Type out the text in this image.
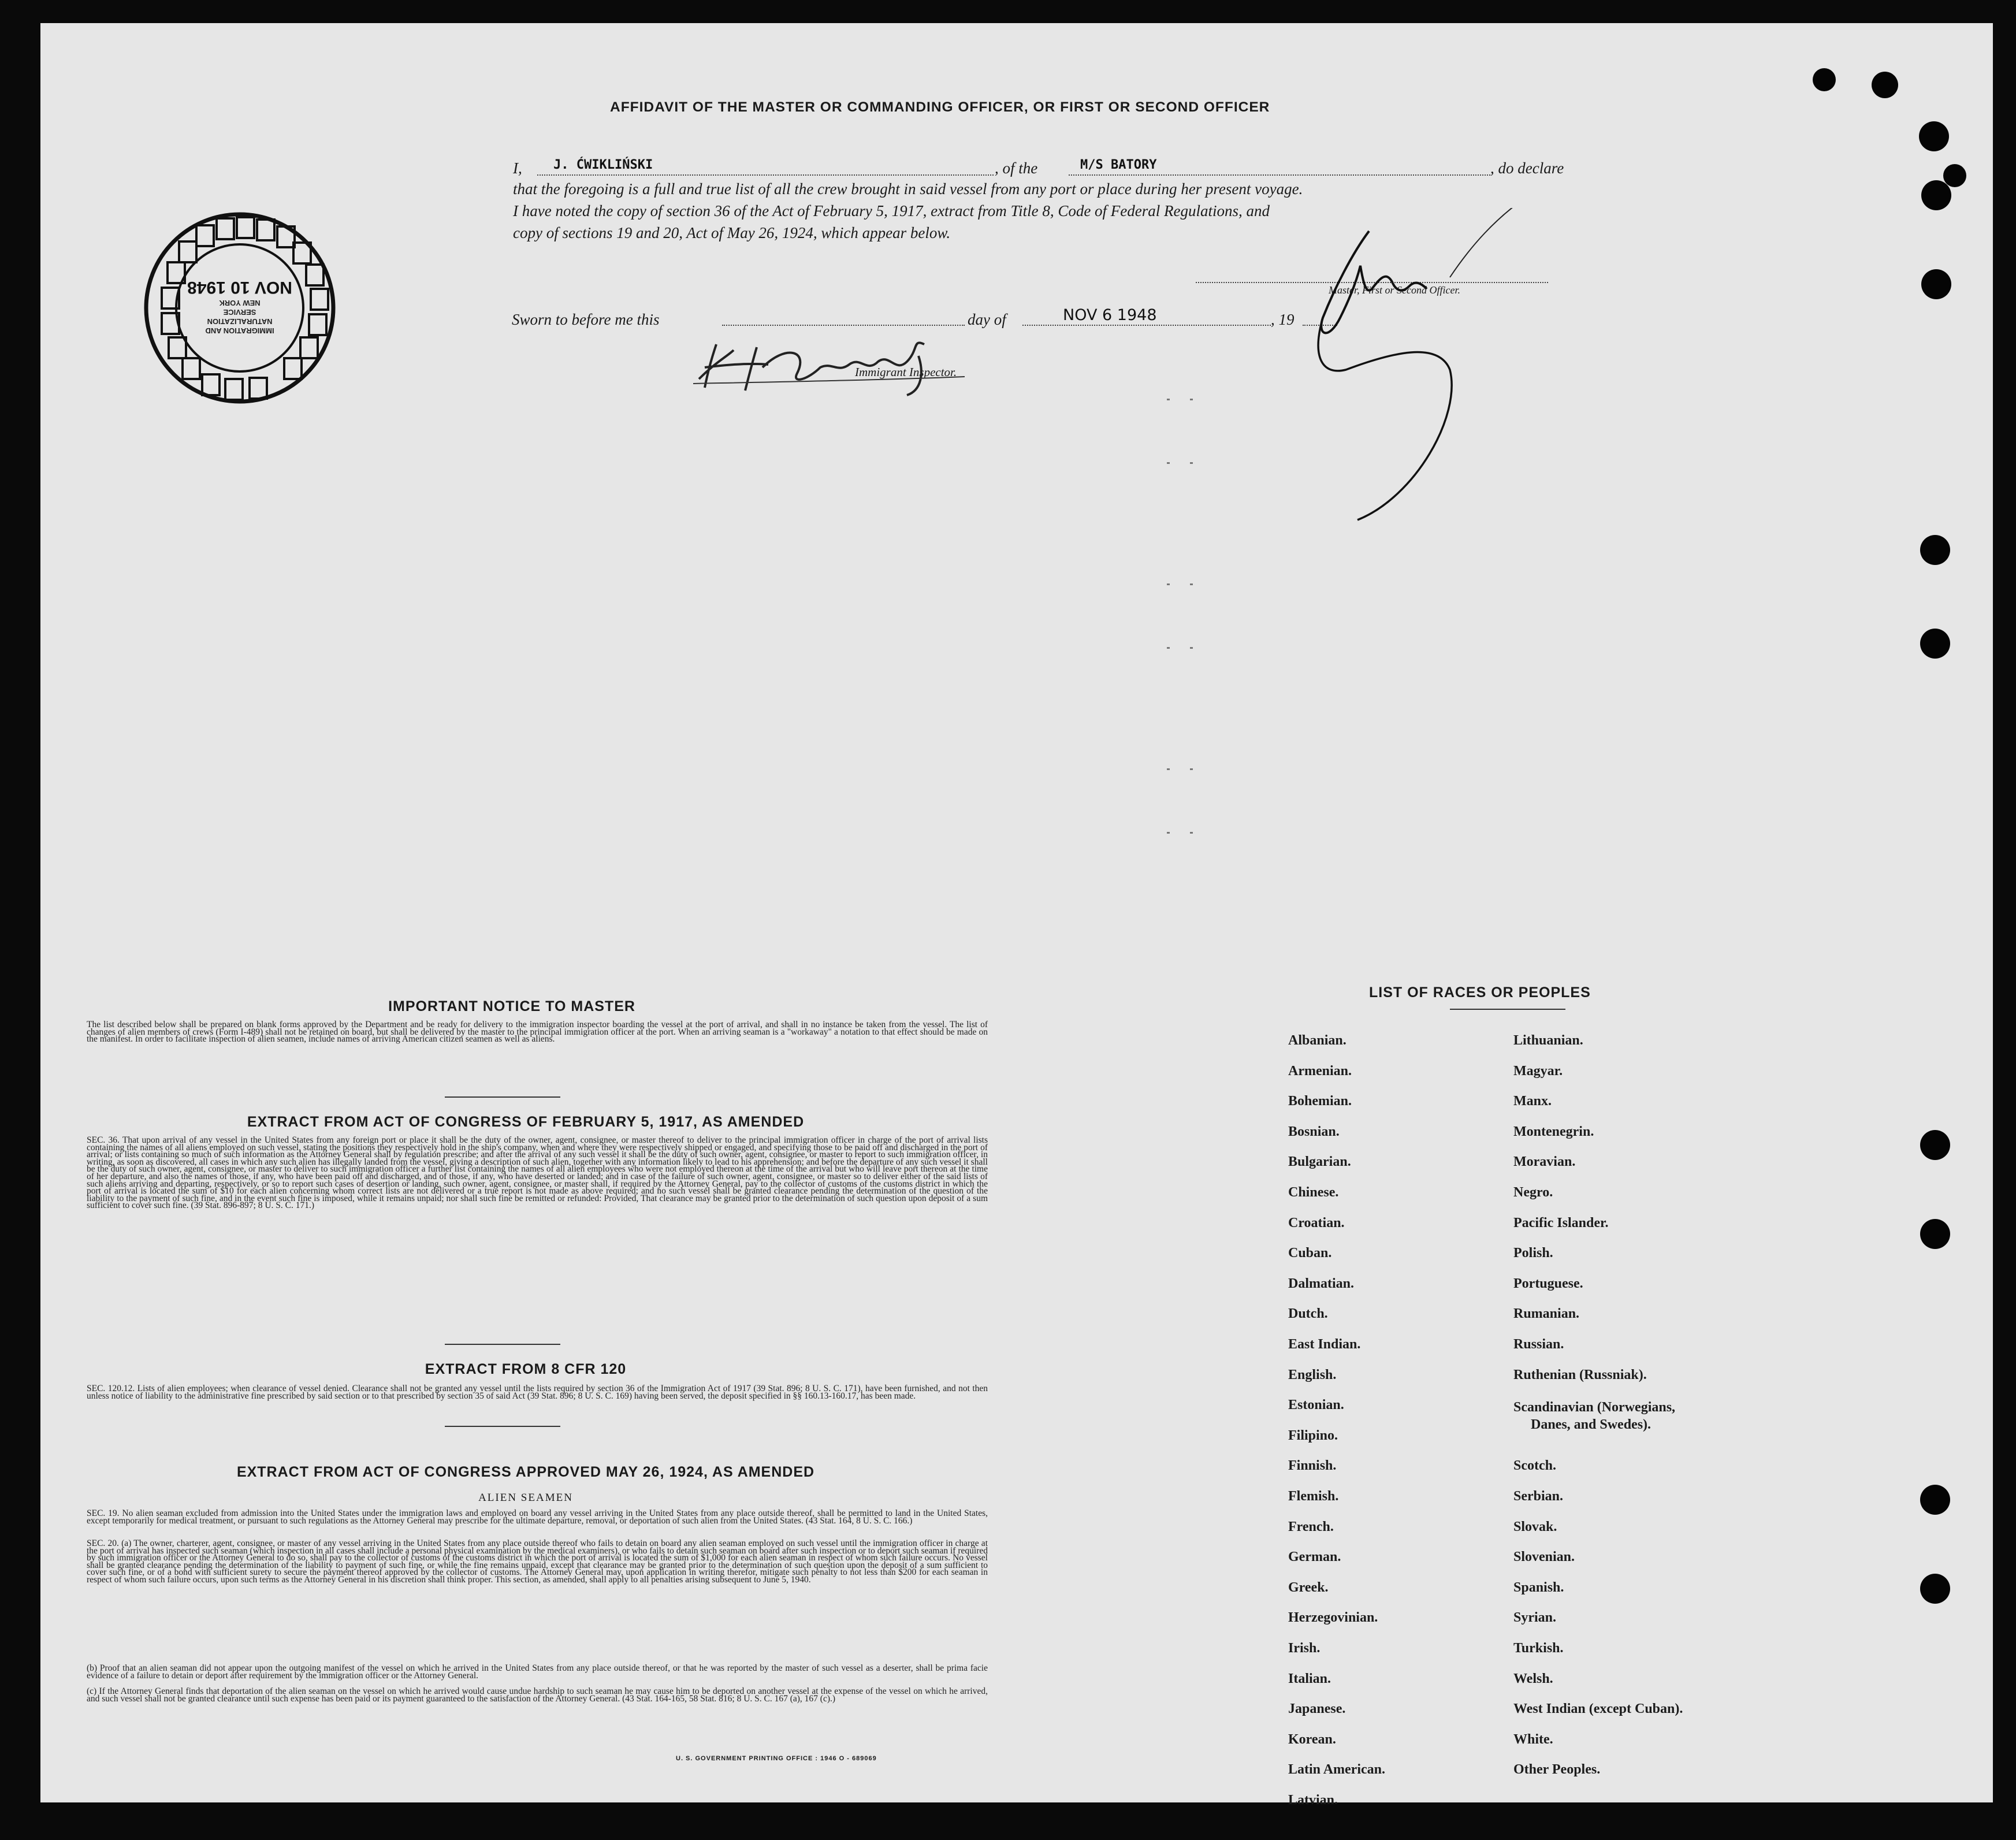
AFFIDAVIT OF THE MASTER OR COMMANDING OFFICER, OR FIRST OR SECOND OFFICER
I, J. ĆWIKLIŃSKI	, of the	M/S BATORY	, do declare
that the foregoing is a full and true list of all the crew brought in said vessel from any port or place during her present voyage.
I have noted the copy of section 36 of the Act of February 5, 1917, extract from Title 8, Code of Federal Regulations, and
copy of sections 19 and 20, Act of May 26, 1924, which appear below.
Master, First or Second Officer.
Sworn to before me this	day of	NOV 6 1948	, 19
Immigrant Inspector.
IMMIGRATION AND
NATURALIZATION
SERVICE
NEW YORK
NOV 10 1948
IMPORTANT NOTICE TO MASTER
The list described below shall be prepared on blank forms approved by the Department and be ready for delivery to the immigration inspector boarding the vessel at the port of arrival, and shall in no instance be taken from the vessel. The list of changes of alien members of crews (Form I-489) shall not be retained on board, but shall be delivered by the master to the principal immigration officer at the port. When an arriving seaman is a "workaway" a notation to that effect should be made on the manifest. In order to facilitate inspection of alien seamen, include names of arriving American citizen seamen as well as aliens.
EXTRACT FROM ACT OF CONGRESS OF FEBRUARY 5, 1917, AS AMENDED
SEC. 36. That upon arrival of any vessel in the United States from any foreign port or place it shall be the duty of the owner, agent, consignee, or master thereof to deliver to the principal immigration officer in charge of the port of arrival lists containing the names of all aliens employed on such vessel, stating the positions they respectively hold in the ship's company, when and where they were respectively shipped or engaged, and specifying those to be paid off and discharged in the port of arrival; or lists containing so much of such information as the Attorney General shall by regulation prescribe; and after the arrival of any such vessel it shall be the duty of such owner, agent, consignee, or master to report to such immigration officer, in writing, as soon as discovered, all cases in which any such alien has illegally landed from the vessel, giving a description of such alien, together with any information likely to lead to his apprehension; and before the departure of any such vessel it shall be the duty of such owner, agent, consignee, or master to deliver to such immigration officer a further list containing the names of all alien employees who were not employed thereon at the time of the arrival but who will leave port thereon at the time of her departure, and also the names of those, if any, who have been paid off and discharged, and of those, if any, who have deserted or landed; and in case of the failure of such owner, agent, consignee, or master so to deliver either of the said lists of such aliens arriving and departing, respectively, or so to report such cases of desertion or landing, such owner, agent, consignee, or master shall, if required by the Attorney General, pay to the collector of customs of the customs district in which the port of arrival is located the sum of $10 for each alien concerning whom correct lists are not delivered or a true report is not made as above required; and no such vessel shall be granted clearance pending the determination of the question of the liability to the payment of such fine, and in the event such fine is imposed, while it remains unpaid; nor shall such fine be remitted or refunded: Provided, That clearance may be granted prior to the determination of such question upon deposit of a sum sufficient to cover such fine. (39 Stat. 896-897; 8 U. S. C. 171.)
EXTRACT FROM 8 CFR 120
SEC. 120.12. Lists of alien employees; when clearance of vessel denied. Clearance shall not be granted any vessel until the lists required by section 36 of the Immigration Act of 1917 (39 Stat. 896; 8 U. S. C. 171), have been furnished, and not then unless notice of liability to the administrative fine prescribed by said section or to that prescribed by section 35 of said Act (39 Stat. 896; 8 U. S. C. 169) having been served, the deposit specified in §§ 160.13-160.17, has been made.
EXTRACT FROM ACT OF CONGRESS APPROVED MAY 26, 1924, AS AMENDED
ALIEN SEAMEN
SEC. 19. No alien seaman excluded from admission into the United States under the immigration laws and employed on board any vessel arriving in the United States from any place outside thereof, shall be permitted to land in the United States, except temporarily for medical treatment, or pursuant to such regulations as the Attorney General may prescribe for the ultimate departure, removal, or deportation of such alien from the United States. (43 Stat. 164, 8 U. S. C. 166.)
SEC. 20. (a) The owner, charterer, agent, consignee, or master of any vessel arriving in the United States from any place outside thereof who fails to detain on board any alien seaman employed on such vessel until the immigration officer in charge at the port of arrival has inspected such seaman (which inspection in all cases shall include a personal physical examination by the medical examiners), or who fails to detain such seaman on board after such inspection or to deport such seaman if required by such immigration officer or the Attorney General to do so, shall pay to the collector of customs of the customs district in which the port of arrival is located the sum of $1,000 for each alien seaman in respect of whom such failure occurs. No vessel shall be granted clearance pending the determination of the liability to payment of such fine, or while the fine remains unpaid, except that clearance may be granted prior to the determination of such question upon the deposit of a sum sufficient to cover such fine, or of a bond with sufficient surety to secure the payment thereof approved by the collector of customs. The Attorney General may, upon application in writing therefor, mitigate such penalty to not less than $200 for each seaman in respect of whom such failure occurs, upon such terms as the Attorney General in his discretion shall think proper. This section, as amended, shall apply to all penalties arising subsequent to June 5, 1940.
(b) Proof that an alien seaman did not appear upon the outgoing manifest of the vessel on which he arrived in the United States from any place outside thereof, or that he was reported by the master of such vessel as a deserter, shall be prima facie evidence of a failure to detain or deport after requirement by the immigration officer or the Attorney General.
(c) If the Attorney General finds that deportation of the alien seaman on the vessel on which he arrived would cause undue hardship to such seaman he may cause him to be deported on another vessel at the expense of the vessel on which he arrived, and such vessel shall not be granted clearance until such expense has been paid or its payment guaranteed to the satisfaction of the Attorney General. (43 Stat. 164-165, 58 Stat. 816; 8 U. S. C. 167 (a), 167 (c).)
U. S. GOVERNMENT PRINTING OFFICE : 1946 O - 689069
LIST OF RACES OR PEOPLES
Albanian.
Armenian.
Bohemian.
Bosnian.
Bulgarian.
Chinese.
Croatian.
Cuban.
Dalmatian.
Dutch.
East Indian.
English.
Estonian.
Filipino.
Finnish.
Flemish.
French.
German.
Greek.
Herzegovinian.
Irish.
Italian.
Japanese.
Korean.
Latin American.
Latvian.
Lithuanian.
Magyar.
Manx.
Montenegrin.
Moravian.
Negro.
Pacific Islander.
Polish.
Portuguese.
Rumanian.
Russian.
Ruthenian (Russniak).
Scandinavian (Norwegians,
Danes, and Swedes).
Scotch.
Serbian.
Slovak.
Slovenian.
Spanish.
Syrian.
Turkish.
Welsh.
West Indian (except Cuban).
White.
Other Peoples.
